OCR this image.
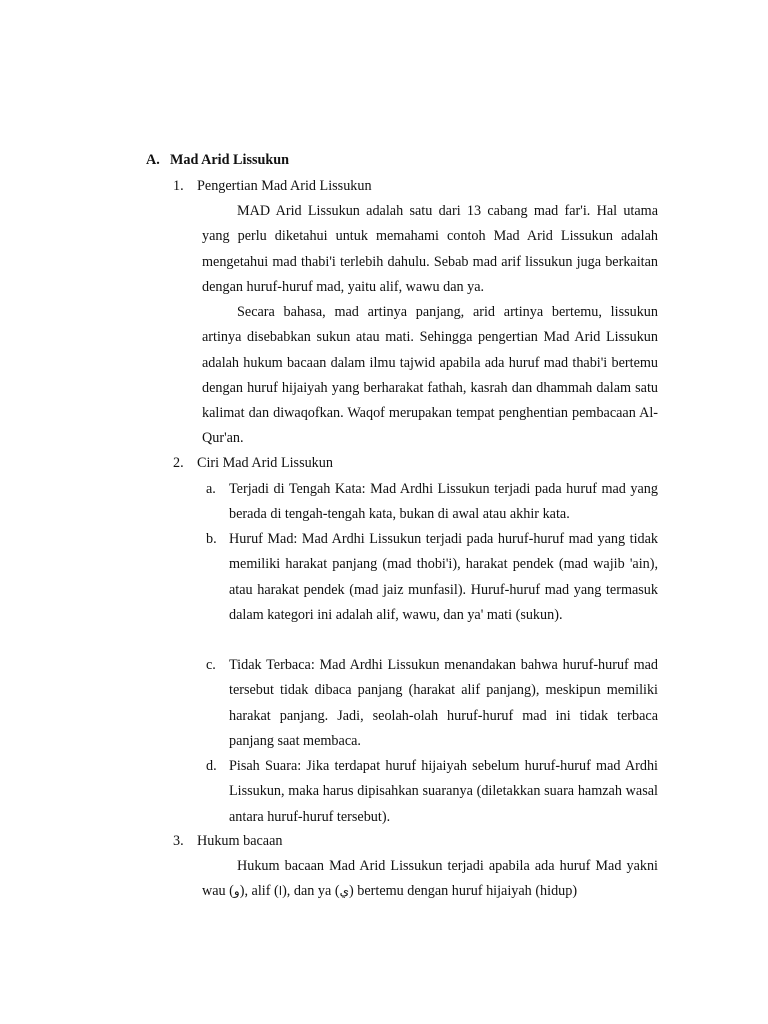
A. Mad Arid Lissukun
1. Pengertian Mad Arid Lissukun

MAD Arid Lissukun adalah satu dari 13 cabang mad far'i. Hal utama yang perlu diketahui untuk memahami contoh Mad Arid Lissukun adalah mengetahui mad thabi'i terlebih dahulu. Sebab mad arif lissukun juga berkaitan dengan huruf-huruf mad, yaitu alif, wawu dan ya.

Secara bahasa, mad artinya panjang, arid artinya bertemu, lissukun artinya disebabkan sukun atau mati. Sehingga pengertian Mad Arid Lissukun adalah hukum bacaan dalam ilmu tajwid apabila ada huruf mad thabi'i bertemu dengan huruf hijaiyah yang berharakat fathah, kasrah dan dhammah dalam satu kalimat dan diwaqofkan. Waqof merupakan tempat penghentian pembacaan Al-Qur'an.

2. Ciri Mad Arid Lissukun
a. Terjadi di Tengah Kata: Mad Ardhi Lissukun terjadi pada huruf mad yang berada di tengah-tengah kata, bukan di awal atau akhir kata.
b. Huruf Mad: Mad Ardhi Lissukun terjadi pada huruf-huruf mad yang tidak memiliki harakat panjang (mad thobi'i), harakat pendek (mad wajib 'ain), atau harakat pendek (mad jaiz munfasil). Huruf-huruf mad yang termasuk dalam kategori ini adalah alif, wawu, dan ya' mati (sukun).
c. Tidak Terbaca: Mad Ardhi Lissukun menandakan bahwa huruf-huruf mad tersebut tidak dibaca panjang (harakat alif panjang), meskipun memiliki harakat panjang. Jadi, seolah-olah huruf-huruf mad ini tidak terbaca panjang saat membaca.
d. Pisah Suara: Jika terdapat huruf hijaiyah sebelum huruf-huruf mad Ardhi Lissukun, maka harus dipisahkan suaranya (diletakkan suara hamzah wasal antara huruf-huruf tersebut).
3. Hukum bacaan

Hukum bacaan Mad Arid Lissukun terjadi apabila ada huruf Mad yakni wau (و), alif (ا), dan ya (ي) bertemu dengan huruf hijaiyah (hidup)
